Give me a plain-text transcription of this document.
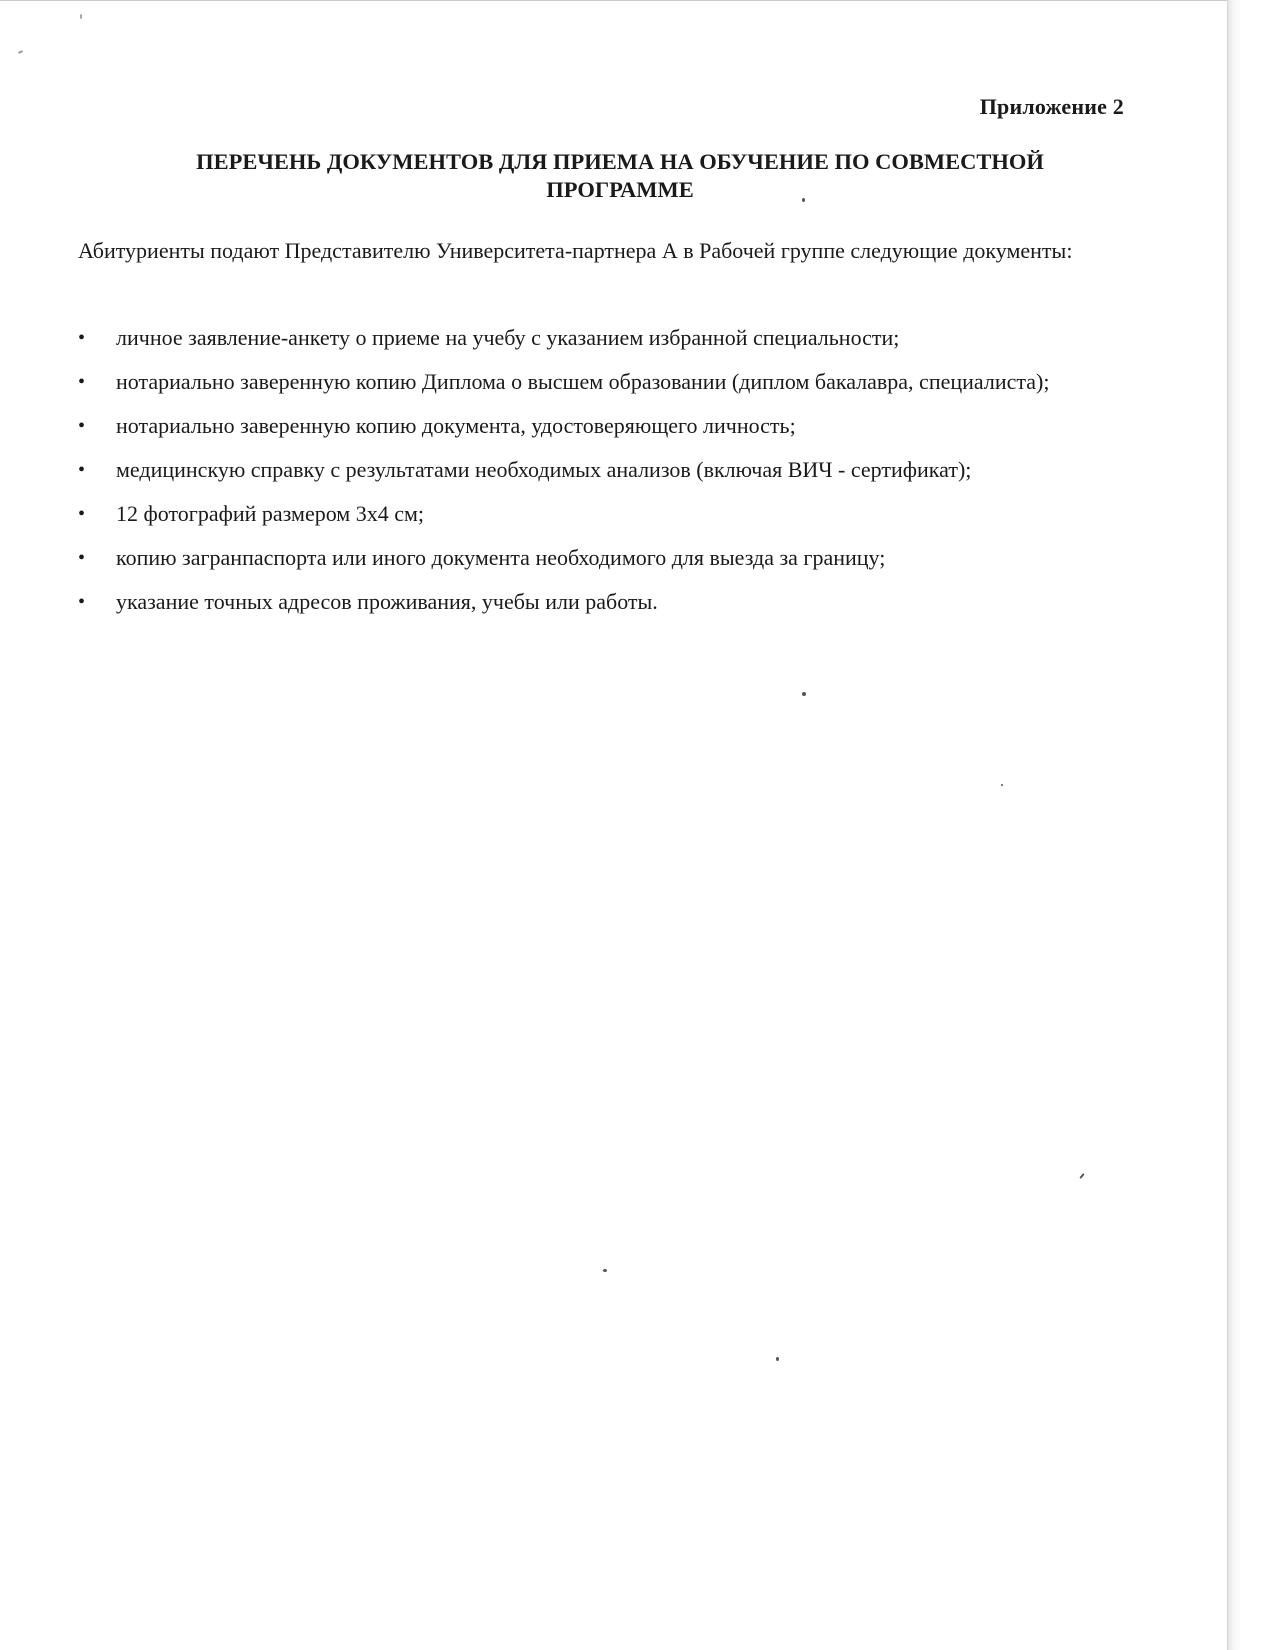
Приложение 2
ПЕРЕЧЕНЬ ДОКУМЕНТОВ ДЛЯ ПРИЕМА НА ОБУЧЕНИЕ ПО СОВМЕСТНОЙ
ПРОГРАММЕ

Абитуриенты подают Представителю Университета-партнера А в Рабочей группе следующие документы:

• личное заявление-анкету о приеме на учебу с указанием избранной специальности;
• нотариально заверенную копию Диплома о высшем образовании (диплом бакалавра, специалиста);
• нотариально заверенную копию документа, удостоверяющего личность;
• медицинскую справку с результатами необходимых анализов (включая ВИЧ - сертификат);
• 12 фотографий размером 3х4 см;
• копию загранпаспорта или иного документа необходимого для выезда за границу;
• указание точных адресов проживания, учебы или работы.
